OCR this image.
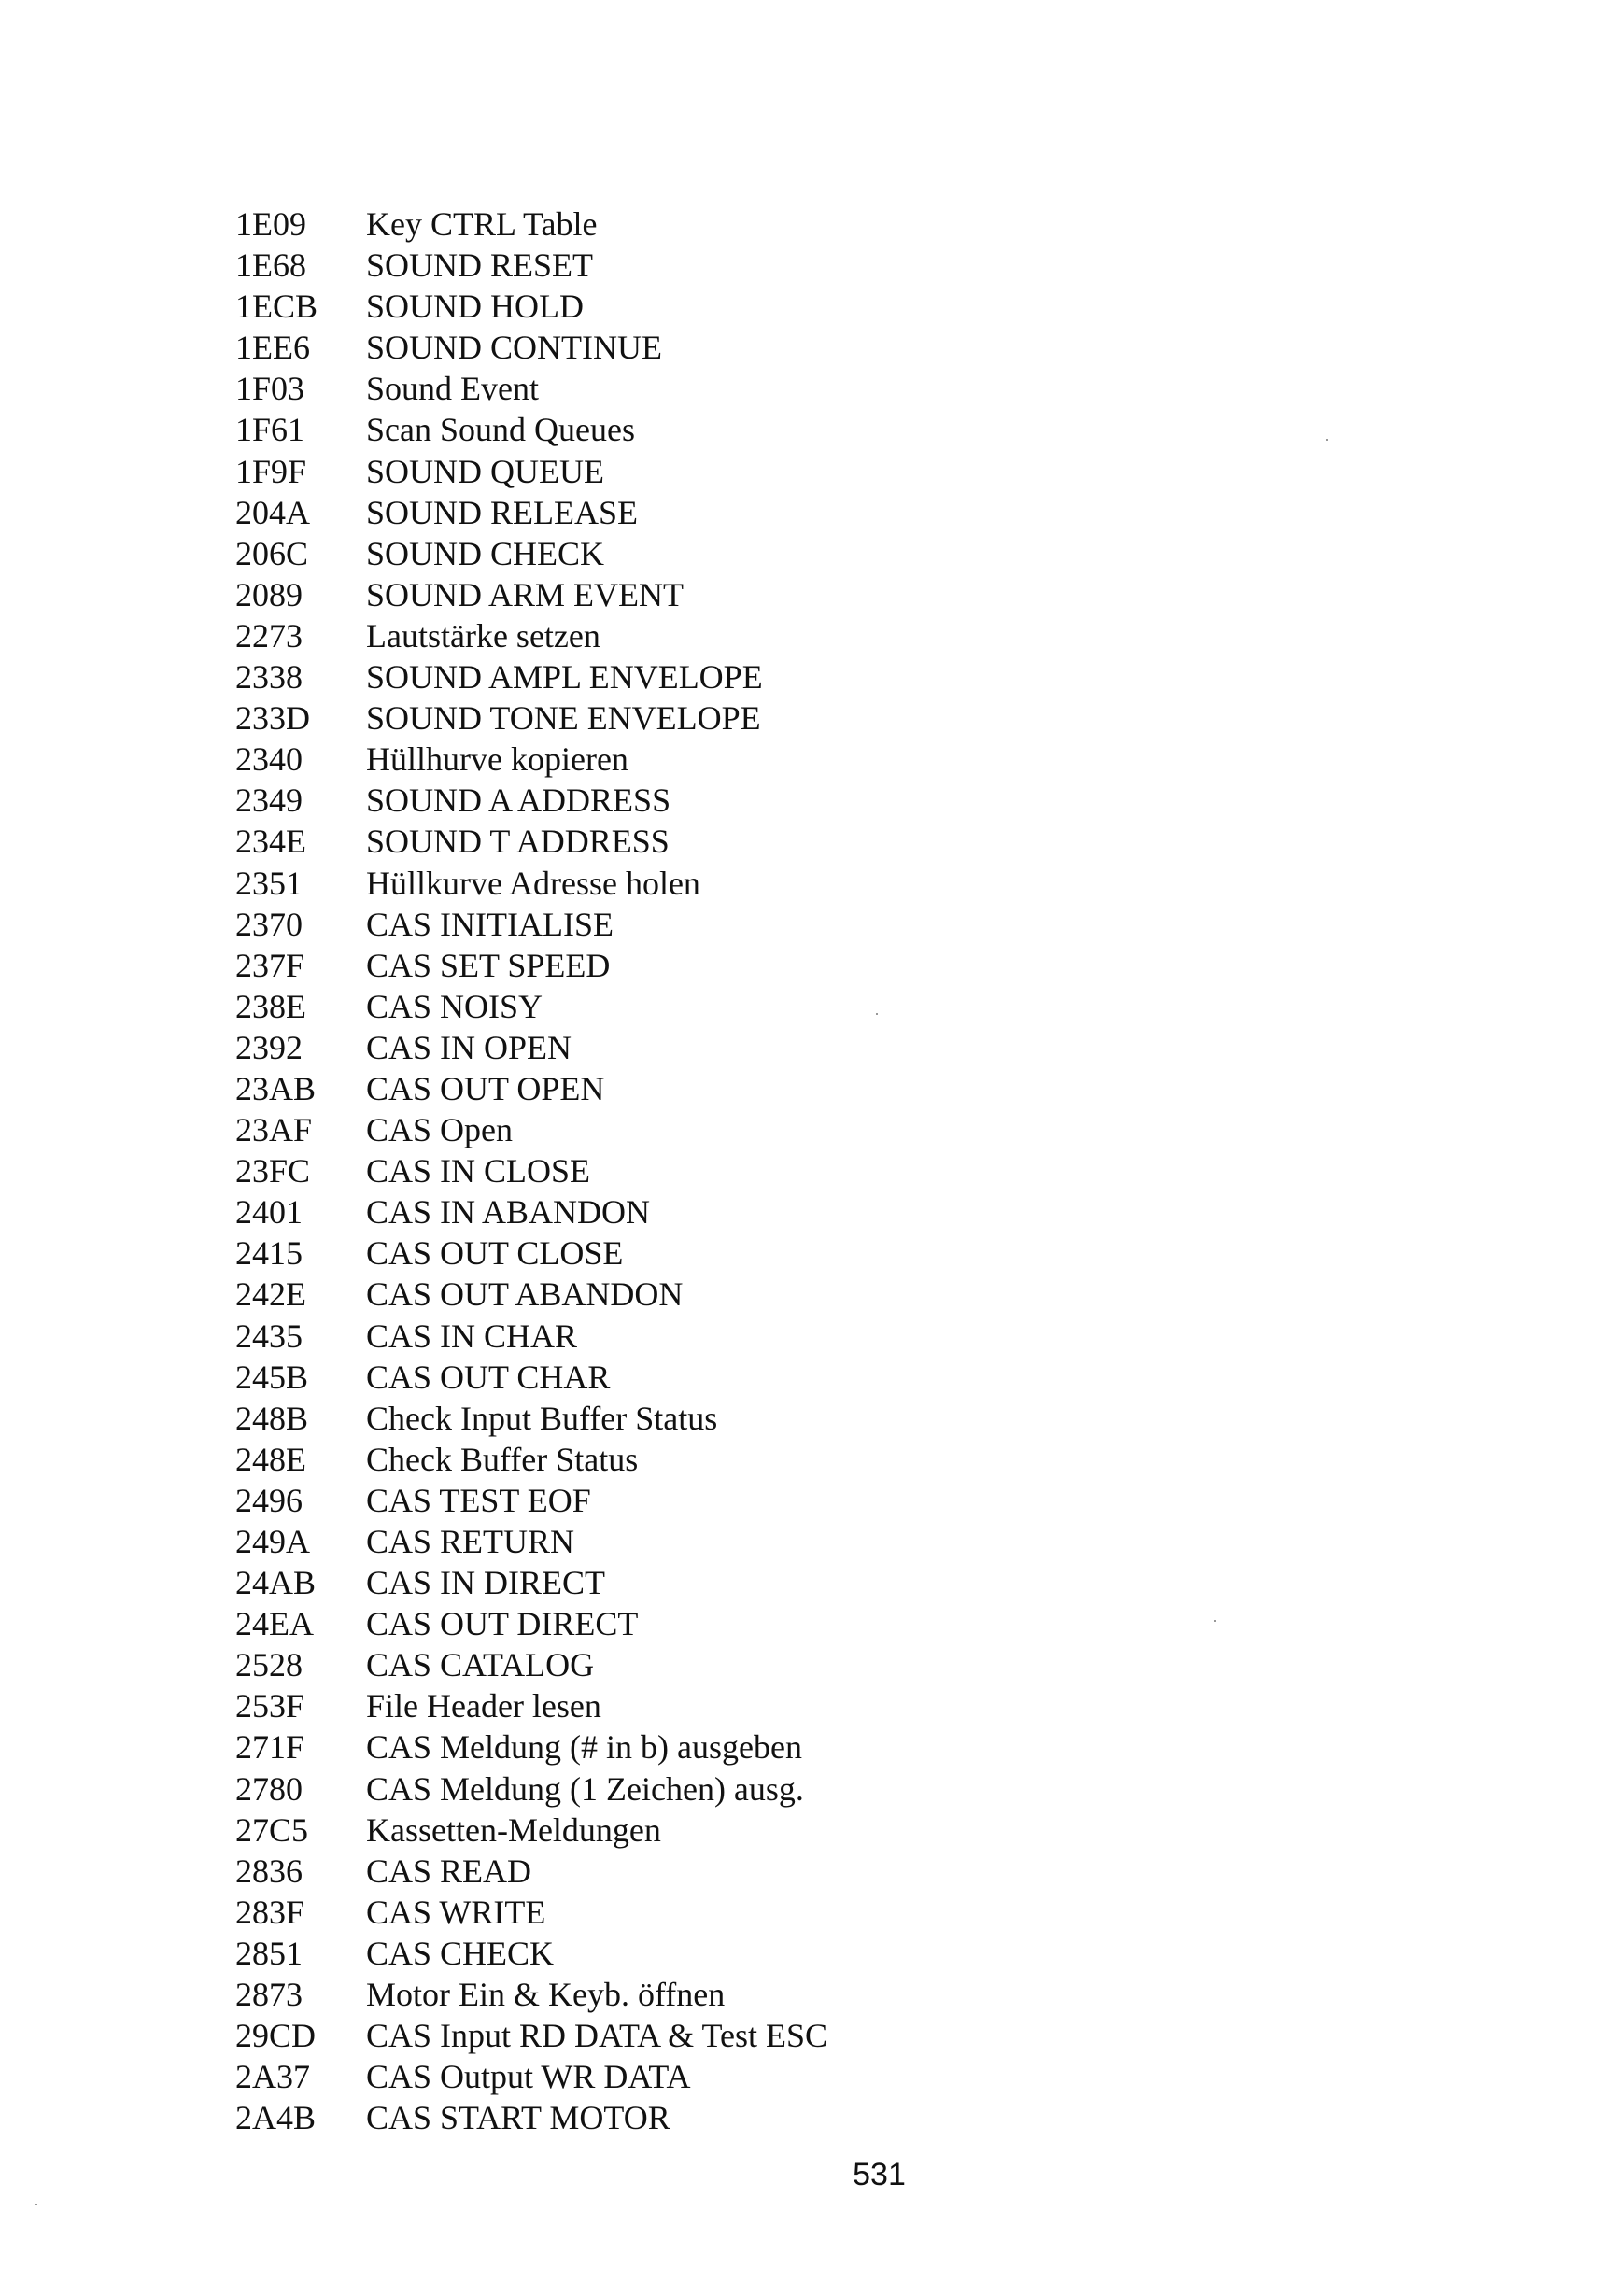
1E09	Key CTRL Table
1E68	SOUND RESET
1ECB	SOUND HOLD
1EE6	SOUND CONTINUE
1F03	Sound Event
1F61	Scan Sound Queues
1F9F	SOUND QUEUE
204A	SOUND RELEASE
206C	SOUND CHECK
2089	SOUND ARM EVENT
2273	Lautstärke setzen
2338	SOUND AMPL ENVELOPE
233D	SOUND TONE ENVELOPE
2340	Hüllhurve kopieren
2349	SOUND A ADDRESS
234E	SOUND T ADDRESS
2351	Hüllkurve Adresse holen
2370	CAS INITIALISE
237F	CAS SET SPEED
238E	CAS NOISY
2392	CAS IN OPEN
23AB	CAS OUT OPEN
23AF	CAS Open
23FC	CAS IN CLOSE
2401	CAS IN ABANDON
2415	CAS OUT CLOSE
242E	CAS OUT ABANDON
2435	CAS IN CHAR
245B	CAS OUT CHAR
248B	Check Input Buffer Status
248E	Check Buffer Status
2496	CAS TEST EOF
249A	CAS RETURN
24AB	CAS IN DIRECT
24EA	CAS OUT DIRECT
2528	CAS CATALOG
253F	File Header lesen
271F	CAS Meldung (# in b) ausgeben
2780	CAS Meldung (1 Zeichen) ausg.
27C5	Kassetten-Meldungen
2836	CAS READ
283F	CAS WRITE
2851	CAS CHECK
2873	Motor Ein & Keyb. öffnen
29CD	CAS Input RD DATA & Test ESC
2A37	CAS Output WR DATA
2A4B	CAS START MOTOR
531
